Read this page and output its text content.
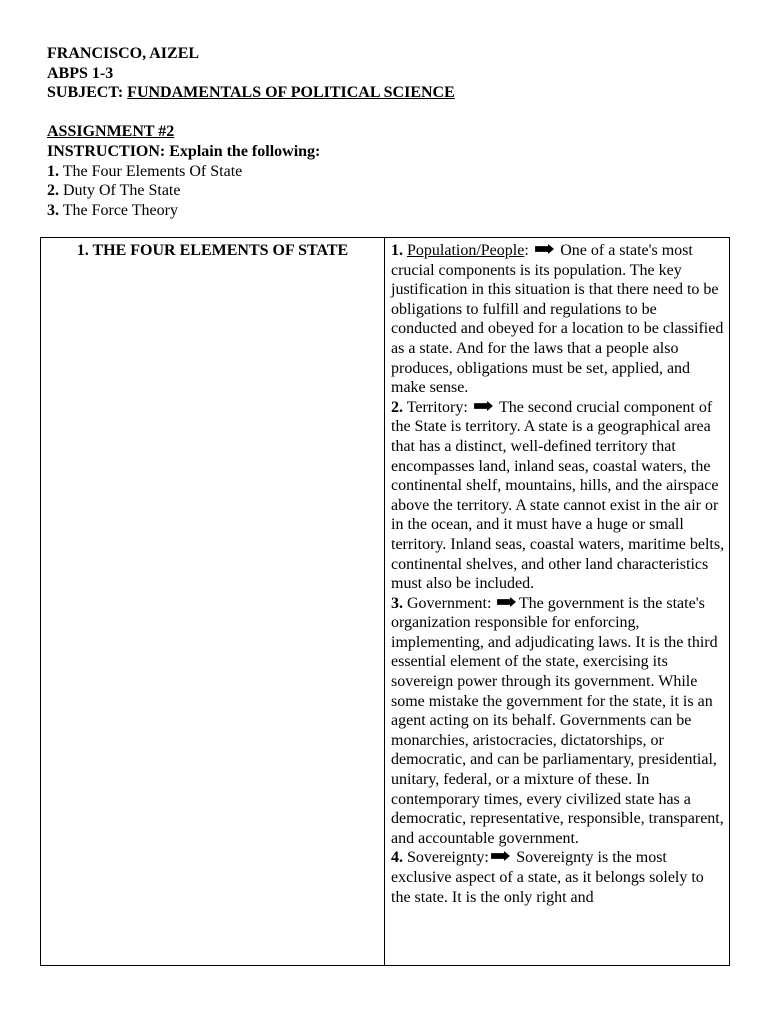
FRANCISCO, AIZEL
ABPS 1-3
SUBJECT: FUNDAMENTALS OF POLITICAL SCIENCE
ASSIGNMENT #2
INSTRUCTION: Explain the following:
1. The Four Elements Of State
2. Duty Of The State
3. The Force Theory
1. THE FOUR ELEMENTS OF STATE	1. Population/People: ➡ One of a state's most crucial components is its population. The key justification in this situation is that there need to be obligations to fulfill and regulations to be conducted and obeyed for a location to be classified as a state. And for the laws that a people also produces, obligations must be set, applied, and make sense.
2. Territory: ➡ The second crucial component of the State is territory. A state is a geographical area that has a distinct, well-defined territory that encompasses land, inland seas, coastal waters, the continental shelf, mountains, hills, and the airspace above the territory. A state cannot exist in the air or in the ocean, and it must have a huge or small territory. Inland seas, coastal waters, maritime belts, continental shelves, and other land characteristics must also be included.
3. Government: ➡ The government is the state's organization responsible for enforcing, implementing, and adjudicating laws. It is the third essential element of the state, exercising its sovereign power through its government. While some mistake the government for the state, it is an agent acting on its behalf. Governments can be monarchies, aristocracies, dictatorships, or democratic, and can be parliamentary, presidential, unitary, federal, or a mixture of these. In contemporary times, every civilized state has a democratic, representative, responsible, transparent, and accountable government.
4. Sovereignty:➡ Sovereignty is the most exclusive aspect of a state, as it belongs solely to the state. It is the only right and
